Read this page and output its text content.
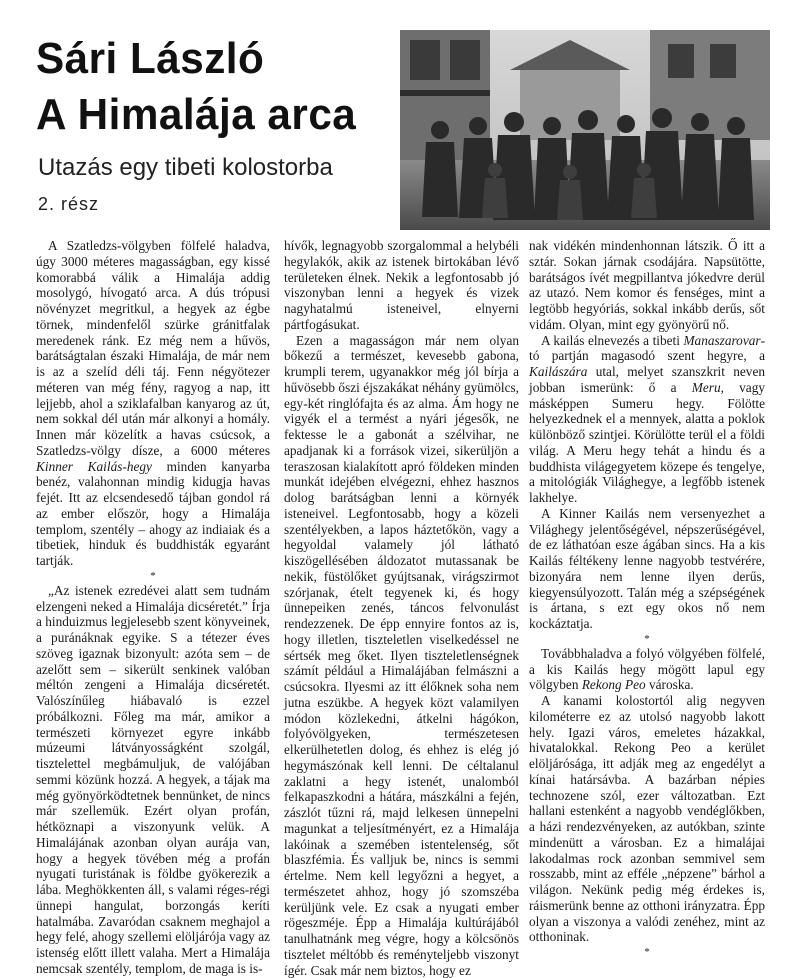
Sári László
A Himalája arca
Utazás egy tibeti kolostorba
2. rész

A Szatledzs-völgyben fölfelé haladva, úgy 3000 méteres magasságban, egy kissé komorabbá válik a Himalája addig mosolygó, hívogató arca. A dús trópusi növényzet megritkul, a hegyek az égbe törnek, mindenfelől szürke gránitfalak meredenek ránk. Ez még nem a hűvös, barátságtalan északi Himalája, de már nem is az a szelíd déli táj. Fenn négyötezer méteren van még fény, ragyog a nap, itt lejjebb, ahol a sziklafalban kanyarog az út, nem sokkal dél után már alkonyi a homály. Innen már közelítk a havas csúcsok, a Szatledzs-völgy dísze, a 6000 méteres Kinner Kailás-hegy minden kanyarba benéz, valahonnan mindig kidugja havas fejét. Itt az elcsendesedő tájban gondol rá az ember először, hogy a Himalája templom, szentély – ahogy az indiaiak és a tibetiek, hinduk és buddhisták egyaránt tartják.

*

„Az istenek ezredévei alatt sem tudnám elzengeni neked a Himalája dicséretét.” Írja a hinduizmus legjelesebb szent könyveinek, a puránáknak egyike. S a tétezer éves szöveg igaznak bizonyult: azóta sem – de azelőtt sem – sikerült senkinek valóban méltón zengeni a Himalája dicséretét. Valószínűleg hiábavaló is ezzel próbálkozni. Főleg ma már, amikor a természeti környezet egyre inkább múzeumi látványosságként szolgál, tisztelettel megbámuljuk, de valójában semmi közünk hozzá. A hegyek, a tájak ma még gyönyörködtetnek bennünket, de nincs már szellemük. Ezért olyan profán, hétköznapi a viszonyunk velük. A Himalájának azonban olyan aurája van, hogy a hegyek tövében még a profán nyugati turistának is földbe gyökerezik a lába. Meghökkenten áll, s valami réges-régi ünnepi hangulat, borzongás keríti hatalmába. Zavaródan csaknem meghajol a hegy felé, ahogy szellemi elöljárója vagy az istenség előtt illett valaha. Mert a Himalája nemcsak szentély, templom, de maga is is-

hívők, legnagyobb szorgalommal a helybéli hegylakók, akik az istenek birtokában lévő területeken élnek. Nekik a legfontosabb jó viszonyban lenni a hegyek és vizek nagyhatalmú isteneivel, elnyerni pártfogásukat.

Ezen a magasságon már nem olyan bőkezű a természet, kevesebb gabona, krumpli terem, ugyanakkor még jól bírja a hűvösebb őszi éjszakákat néhány gyümölcs, egy-két ringlófajta és az alma. Ám hogy ne vigyék el a termést a nyári jégesők, ne fektesse le a gabonát a szélvihar, ne apadjanak ki a források vizei, sikerüljön a teraszosan kialakított apró földeken minden munkát idejében elvégezni, ehhez hasznos dolog barátságban lenni a környék isteneivel. Legfontosabb, hogy a közeli szentélyekben, a lapos háztetőkön, vagy a hegyoldal valamely jól látható kiszögellésében áldozatot mutassanak be nekik, füstölőket gyújtsanak, virágszirmot szórjanak, ételt tegyenek ki, és hogy ünnepeiken zenés, táncos felvonulást rendezzenek. De épp ennyire fontos az is, hogy illetlen, tiszteletlen viselkedéssel ne sértsék meg őket. Ilyen tiszteletlenségnek számít például a Himalájában felmászni a csúcsokra. Ilyesmi az itt élőknek soha nem jutna eszükbe. A hegyek közt valamilyen módon közlekedni, átkelni hágókon, folyóvölgyeken, természetesen elkerülhetetlen dolog, és ehhez is elég jó hegymászónak kell lenni. De céltalanul zaklatni a hegy istenét, unalomból felkapaszkodni a hátára, mászkálni a fején, zászlót tűzni rá, majd lelkesen ünnepelni magunkat a teljesítményért, ez a Himalája lakóinak a szemében istentelenség, sőt blaszfémia. És valljuk be, nincs is semmi értelme. Nem kell legyőzni a hegyet, a természetet ahhoz, hogy jó szomszéba kerüljünk vele. Ez csak a nyugati ember rögeszméje. Épp a Himalája kultúrájából tanulhatnánk meg végre, hogy a kölcsönös tisztelet méltóbb és reményteljebb viszonyt ígér. Csak már nem biztos, hogy ez

nak vidékén mindenhonnan látszik. Ő itt a sztár. Sokan járnak csodájára. Napsütötte, barátságos ívét megpillantva jókedvre derül az utazó. Nem komor és fenséges, mint a legtöbb hegyóriás, sokkal inkább derűs, sőt vidám. Olyan, mint egy gyönyörű nő.

A kailás elnevezés a tibeti Manaszarovar-tó partján magasodó szent hegyre, a Kailászára utal, melyet szanszkrit neven jobban ismerünk: ő a Meru, vagy másképpen Sumeru hegy. Fölötte helyezkednek el a mennyek, alatta a poklok különböző szintjei. Körülötte terül el a földi világ. A Meru hegy tehát a hindu és a buddhista világegyetem közepe és tengelye, a mitológiák Világhegye, a legfőbb istenek lakhelye.

A Kinner Kailás nem versenyezhet a Világhegy jelentőségével, népszerűségével, de ez láthatóan esze ágában sincs. Ha a kis Kailás féltékeny lenne nagyobb testvérére, bizonyára nem lenne ilyen derűs, kiegyensúlyozott. Talán még a szépségének is ártana, s ezt egy okos nő nem kockáztatja.

*

Továbbhaladva a folyó völgyében fölfelé, a kis Kailás hegy mögött lapul egy völgyben Rekong Peo városka.

A kanami kolostortól alig negyven kilométerre ez az utolsó nagyobb lakott hely. Igazi város, emeletes házakkal, hivatalokkal. Rekong Peo a kerület elöljárósága, itt adják meg az engedélyt a kínai határsávba. A bazárban népies technozene szól, ezer változatban. Ezt hallani estenként a nagyobb vendéglőkben, a házi rendezvényeken, az autókban, szinte mindenütt a városban. Ez a himalájai lakodalmas rock azonban semmivel sem rosszabb, mint az efféle „népzene” bárhol a világon. Nekünk pedig még érdekes is, ráismerünk benne az otthoni irányzatra. Épp olyan a viszonya a valódi zenéhez, mint az otthoninak.

*
